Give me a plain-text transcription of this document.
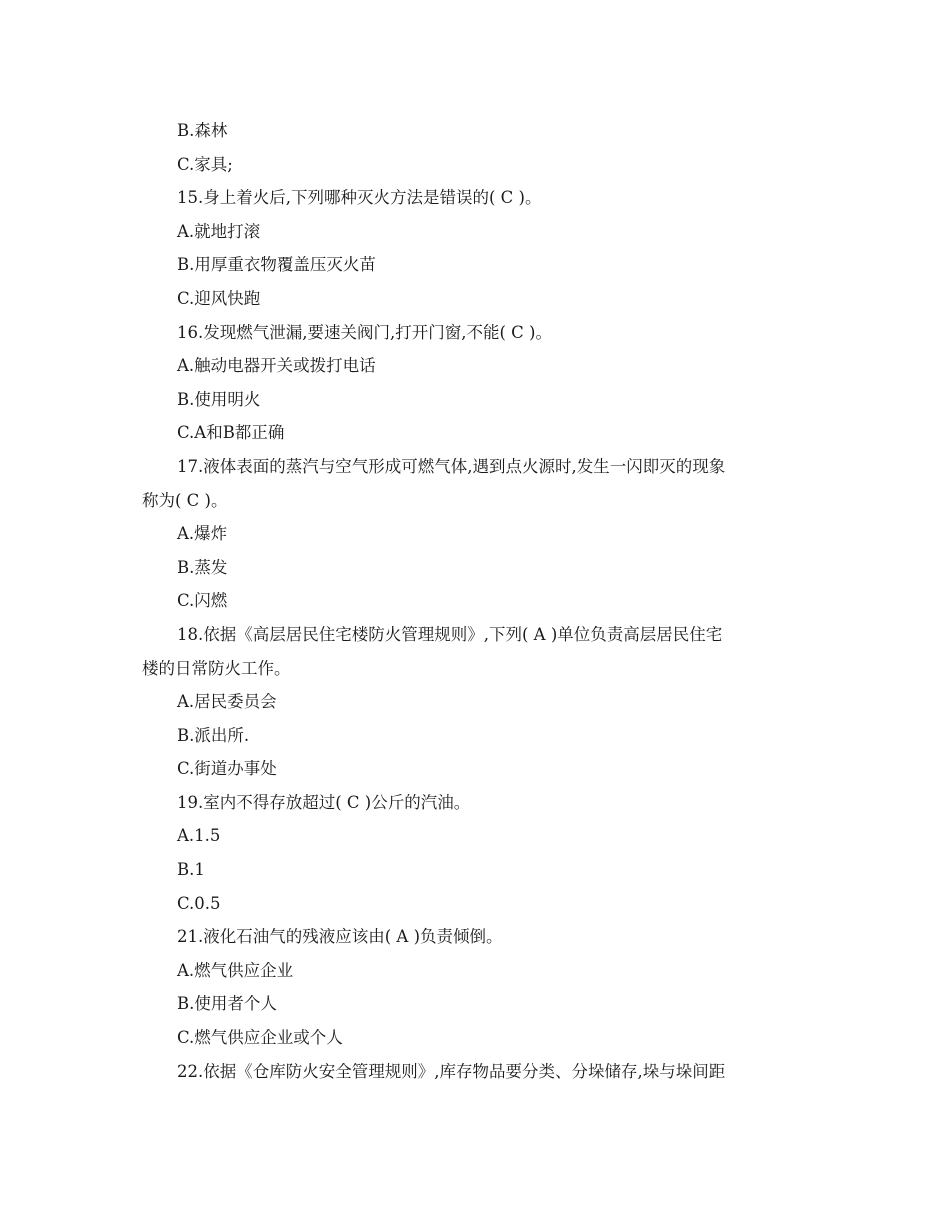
B.森林
C.家具;
15.身上着火后,下列哪种灭火方法是错误的( C )。
A.就地打滚
B.用厚重衣物覆盖压灭火苗
C.迎风快跑
16.发现燃气泄漏,要速关阀门,打开门窗,不能( C )。
A.触动电器开关或拨打电话
B.使用明火
C.A和B都正确
17.液体表面的蒸汽与空气形成可燃气体,遇到点火源时,发生一闪即灭的现象
称为( C )。
A.爆炸
B.蒸发
C.闪燃
18.依据《高层居民住宅楼防火管理规则》,下列( A )单位负责高层居民住宅
楼的日常防火工作。
A.居民委员会
B.派出所.
C.街道办事处
19.室内不得存放超过( C )公斤的汽油。
A.1.5
B.1
C.0.5
21.液化石油气的残液应该由( A )负责倾倒。
A.燃气供应企业
B.使用者个人
C.燃气供应企业或个人
22.依据《仓库防火安全管理规则》,库存物品要分类、分垛储存,垛与垛间距
